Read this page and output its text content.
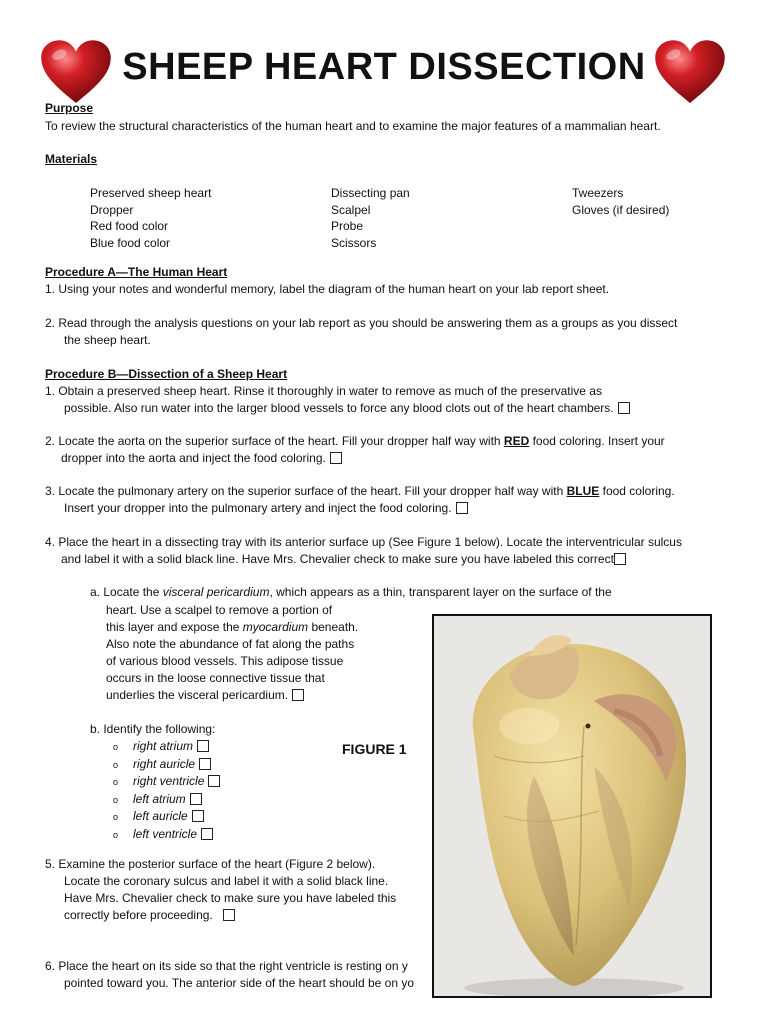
SHEEP HEART DISSECTION
Purpose
To review the structural characteristics of the human heart and to examine the major features of a mammalian heart.
Materials
Preserved sheep heart
Dropper
Red food color
Blue food color
Dissecting pan
Scalpel
Probe
Scissors
Tweezers
Gloves (if desired)
Procedure A—The Human Heart
1. Using your notes and wonderful memory, label the diagram of the human heart on your lab report sheet.
2. Read through the analysis questions on your lab report as you should be answering them as a groups as you dissect
the sheep heart.
Procedure B—Dissection of a Sheep Heart
1. Obtain a preserved sheep heart. Rinse it thoroughly in water to remove as much of the preservative as
possible. Also run water into the larger blood vessels to force any blood clots out of the heart chambers.
2. Locate the aorta on the superior surface of the heart. Fill your dropper half way with RED food coloring. Insert your
dropper into the aorta and inject the food coloring.
3. Locate the pulmonary artery on the superior surface of the heart. Fill your dropper half way with BLUE food coloring.
Insert your dropper into the pulmonary artery and inject the food coloring.
4. Place the heart in a dissecting tray with its anterior surface up (See Figure 1 below). Locate the interventricular sulcus
and label it with a solid black line. Have Mrs. Chevalier check to make sure you have labeled this correct
a. Locate the visceral pericardium, which appears as a thin, transparent layer on the surface of the
heart. Use a scalpel to remove a portion of
this layer and expose the myocardium beneath.
Also note the abundance of fat along the paths
of various blood vessels. This adipose tissue
occurs in the loose connective tissue that
underlies the visceral pericardium.
b. Identify the following:
o right atrium
o right auricle
o right ventricle
o left atrium
o left auricle
o left ventricle
FIGURE 1
5. Examine the posterior surface of the heart (Figure 2 below).
Locate the coronary sulcus and label it with a solid black line.
Have Mrs. Chevalier check to make sure you have labeled this
correctly before proceeding.
6. Place the heart on its side so that the right ventricle is resting on y
pointed toward you. The anterior side of the heart should be on yo
